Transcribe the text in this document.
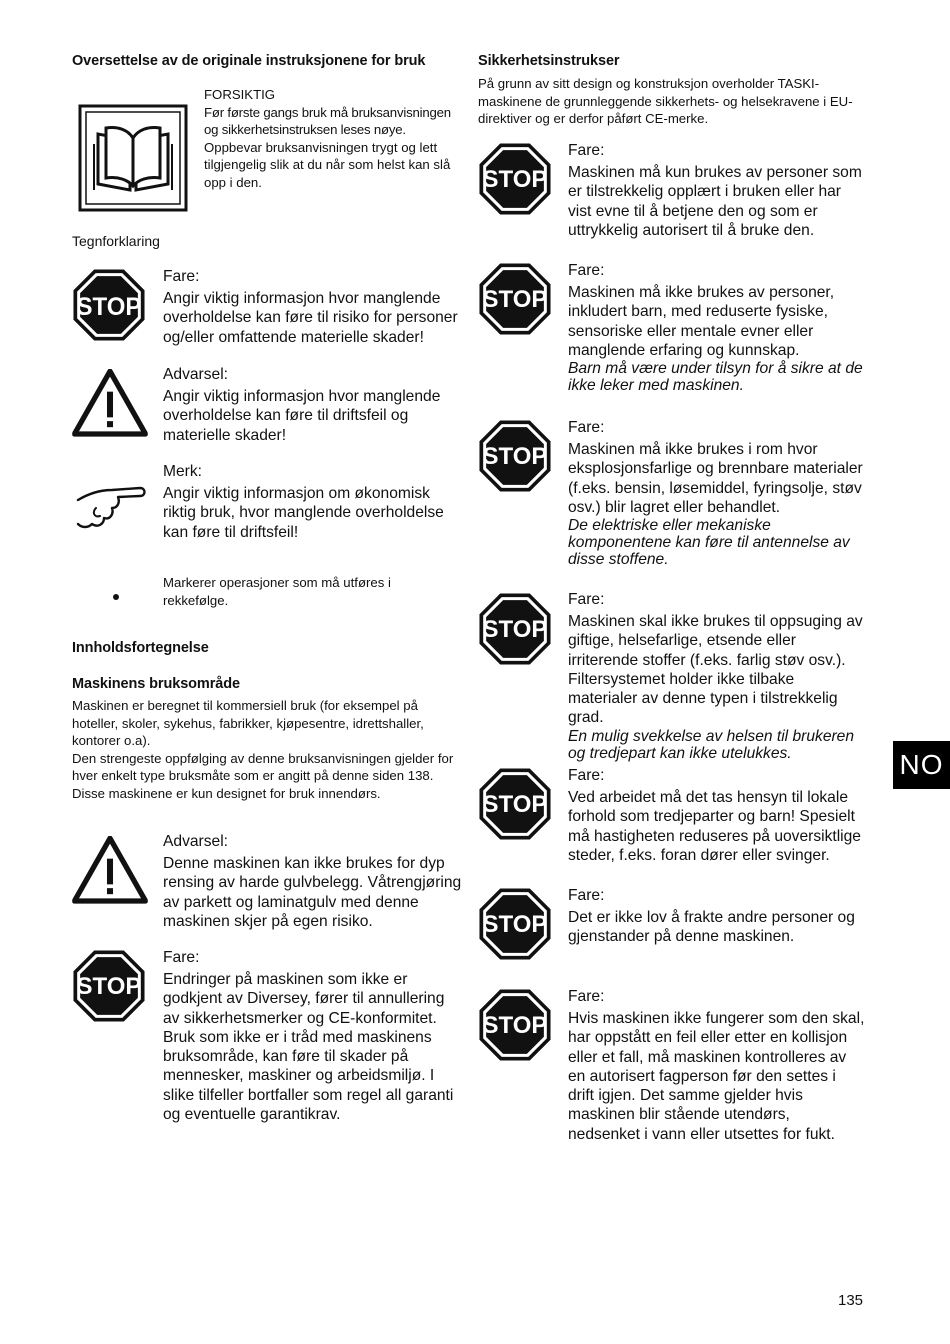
Oversettelse av de originale instruksjonene for bruk

FORSIKTIG

Før første gangs bruk må bruksanvisningen og sikkerhetsinstruksen leses nøye.

Oppbevar bruksanvisningen trygt og lett tilgjengelig slik at du når som helst kan slå opp i den.

Tegnforklaring
STOP

Fare:

Angir viktig informasjon hvor manglende overholdelse kan føre til risiko for personer og/eller omfattende materielle skader!

Advarsel:

Angir viktig informasjon hvor manglende overholdelse kan føre til driftsfeil og materielle skader!

Merk:

Angir viktig informasjon om økonomisk riktig bruk, hvor manglende overholdelse kan føre til driftsfeil!

Markerer operasjoner som må utføres i rekkefølge.
Innholdsfortegnelse
Maskinens bruksområde

Maskinen er beregnet til kommersiell bruk (for eksempel på hoteller, skoler, sykehus, fabrikker, kjøpesentre, idrettshaller, kontorer o.a).

Den strengeste oppfølging av denne bruksanvisningen gjelder for hver enkelt type bruksmåte som er angitt på denne siden 138.

Disse maskinene er kun designet for bruk innendørs.

Advarsel:

Denne maskinen kan ikke brukes for dyp rensing av harde gulvbelegg. Våtrengjøring av parkett og laminatgulv med denne maskinen skjer på egen risiko.

STOP

Fare:

Endringer på maskinen som ikke er godkjent av Diversey, fører til annullering av sikkerhetsmerker og CE-konformitet. Bruk som ikke er i tråd med maskinens bruksområde, kan føre til skader på mennesker, maskiner og arbeidsmiljø. I slike tilfeller bortfaller som regel all garanti og eventuelle garantikrav.

Sikkerhetsinstrukser
På grunn av sitt design og konstruksjon overholder TASKI-maskinene de grunnleggende sikkerhets- og helsekravene i EU-direktiver og er derfor påført CE-merke.
STOP

Fare:

Maskinen må kun brukes av personer som er tilstrekkelig opplært i bruken eller har vist evne til å betjene den og som er uttrykkelig autorisert til å bruke den.

STOP

Fare:

Maskinen må ikke brukes av personer, inkludert barn, med reduserte fysiske, sensoriske eller mentale evner eller manglende erfaring og kunnskap.

Barn må være under tilsyn for å sikre at de ikke leker med maskinen.

STOP

Fare:

Maskinen må ikke brukes i rom hvor eksplosjonsfarlige og brennbare materialer (f.eks. bensin, løsemiddel, fyringsolje, støv osv.) blir lagret eller behandlet.

De elektriske eller mekaniske komponentene kan føre til antennelse av disse stoffene.

STOP

Fare:

Maskinen skal ikke brukes til oppsuging av giftige, helsefarlige, etsende eller irriterende stoffer (f.eks. farlig støv osv.). Filtersystemet holder ikke tilbake materialer av denne typen i tilstrekkelig grad.

En mulig svekkelse av helsen til brukeren og tredjepart kan ikke utelukkes.

STOP

Fare:

Ved arbeidet må det tas hensyn til lokale forhold som tredjeparter og barn! Spesielt må hastigheten reduseres på uoversiktlige steder, f.eks. foran dører eller svinger.

STOP

Fare:

Det er ikke lov å frakte andre personer og gjenstander på denne maskinen.

STOP

Fare:

Hvis maskinen ikke fungerer som den skal, har oppstått en feil eller etter en kollisjon eller et fall, må maskinen kontrolleres av en autorisert fagperson før den settes i drift igjen. Det samme gjelder hvis maskinen blir stående utendørs, nedsenket i vann eller utsettes for fukt.

NO
135
